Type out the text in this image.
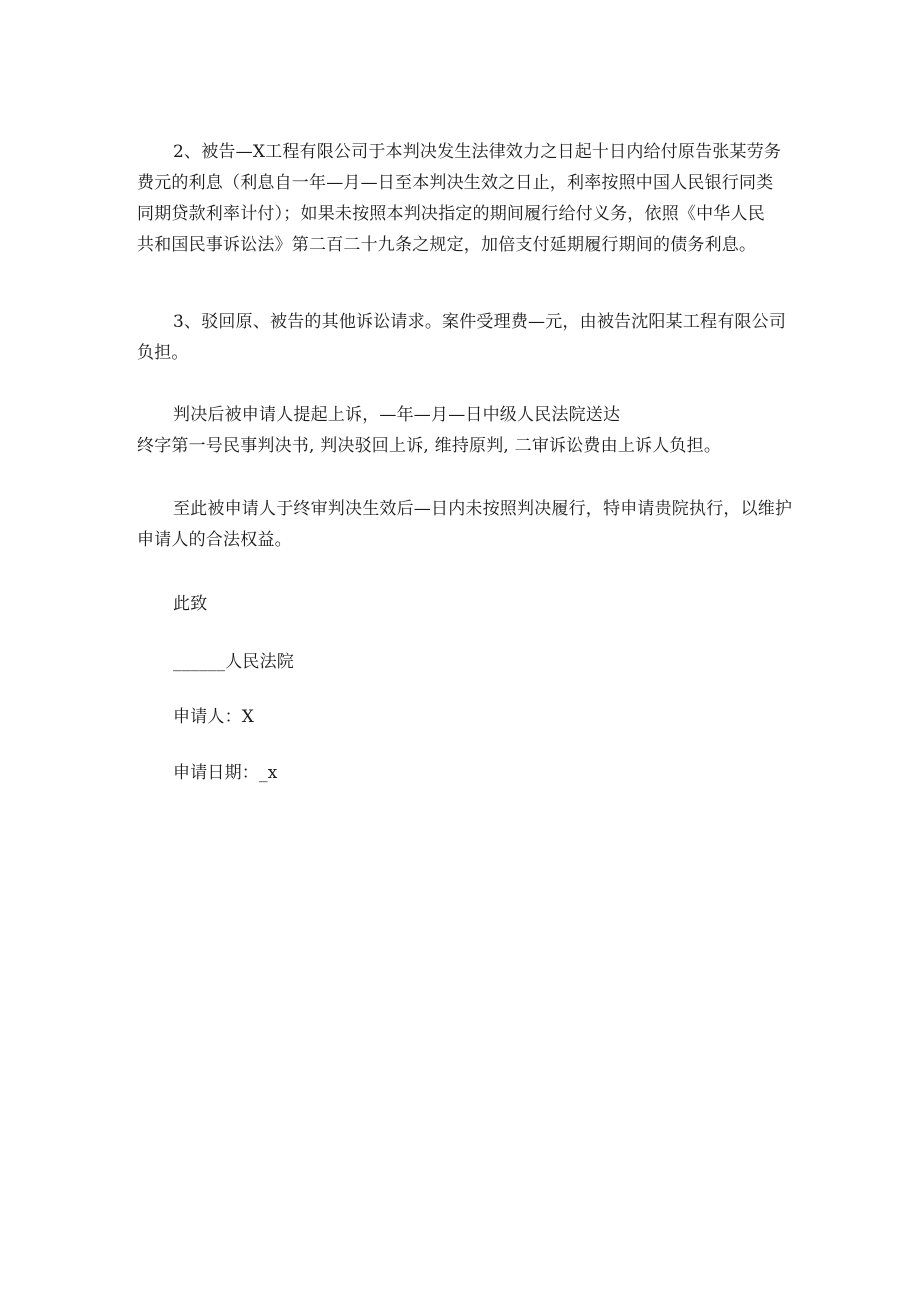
2、被告—X工程有限公司于本判决发生法律效力之日起十日内给付原告张某劳务
费元的利息（利息自一年—月—日至本判决生效之日止，利率按照中国人民银行同类
同期贷款利率计付）；如果未按照本判决指定的期间履行给付义务，依照《中华人民
共和国民事诉讼法》第二百二十九条之规定，加倍支付延期履行期间的债务利息。

3、驳回原、被告的其他诉讼请求。案件受理费—元，由被告沈阳某工程有限公司
负担。

判决后被申请人提起上诉，—年—月—日中级人民法院送达
终字第一号民事判决书, 判决驳回上诉, 维持原判, 二审诉讼费由上诉人负担。

至此被申请人于终审判决生效后—日内未按照判决履行，特申请贵院执行，以维护
申请人的合法权益。

此致

______人民法院

申请人：X

申请日期：_x
